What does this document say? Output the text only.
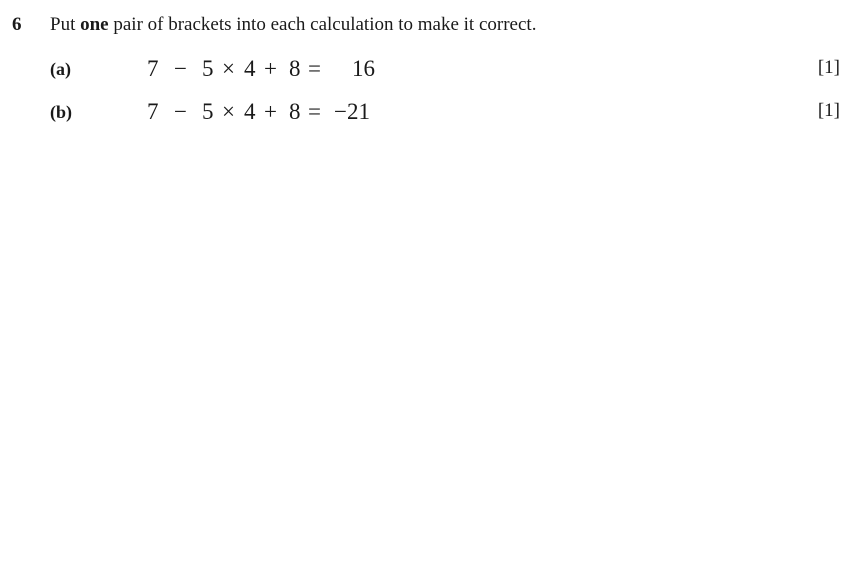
6 Put one pair of brackets into each calculation to make it correct.
(a)	7 − 5 × 4 + 8 = 16	[1]
(b)	7 − 5 × 4 + 8 = −21	[1]
